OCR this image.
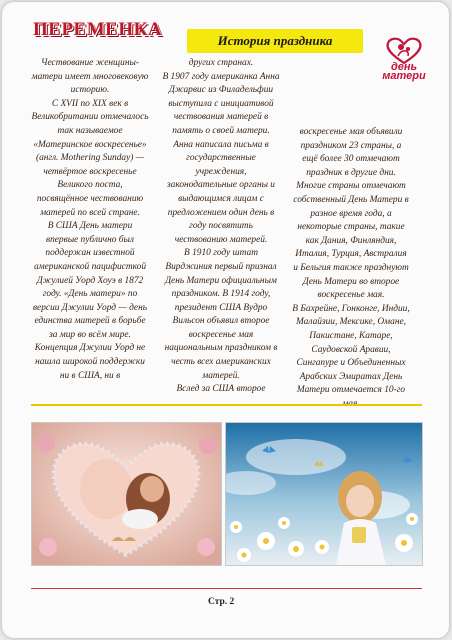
ПЕРЕМЕНКА
История праздника
день
матери

Чествование женщины-матери имеет многовековую историю.

С XVII по XIX век в Великобритании отмечалось так называемое «Материнское воскресенье» (англ. Mothering Sunday) — четвёртое воскресенье Великого поста, посвящённое чествованию матерей по всей стране.

В США День матери впервые публично был поддержан известной американской пацифисткой Джулией Уорд Хоуэ в 1872 году. «День матери» по версии Джулии Уорд — день единства матерей в борьбе за мир во всём мире.

Концепция Джулии Уорд не нашла широкой поддержки ни в США, ни в

других странах.

В 1907 году американка Анна Джарвис из Филадельфии выступила с инициативой чествования матерей в память о своей матери. Анна написала письма в государственные учреждения, законодательные органы и выдающимся лицам с предложением один день в году посвятить чествованию матерей.

В 1910 году штат Вирджиния первый признал День Матери официальным праздником. В 1914 году, президент США Вудро Вильсон объявил второе воскресенье мая национальным праздником в честь всех американских матерей.

Вслед за США второе

воскресенье мая объявили праздником 23 страны, а ещё более 30 отмечают праздник в другие дни.

Многие страны отмечают собственный День Матери в разное время года, а некоторые страны, такие как Дания, Финляндия, Италия, Турция, Австралия и Бельгия также празднуют День Матери во второе воскресенье мая.

В Бахрейне, Гонконге, Индии, Малайзии, Мексике, Омане, Пакистане, Катаре, Саудовской Аравии, Сингапуре и Объединенных Арабских Эмиратах День Матери отмечается 10-го

Стр. 2
